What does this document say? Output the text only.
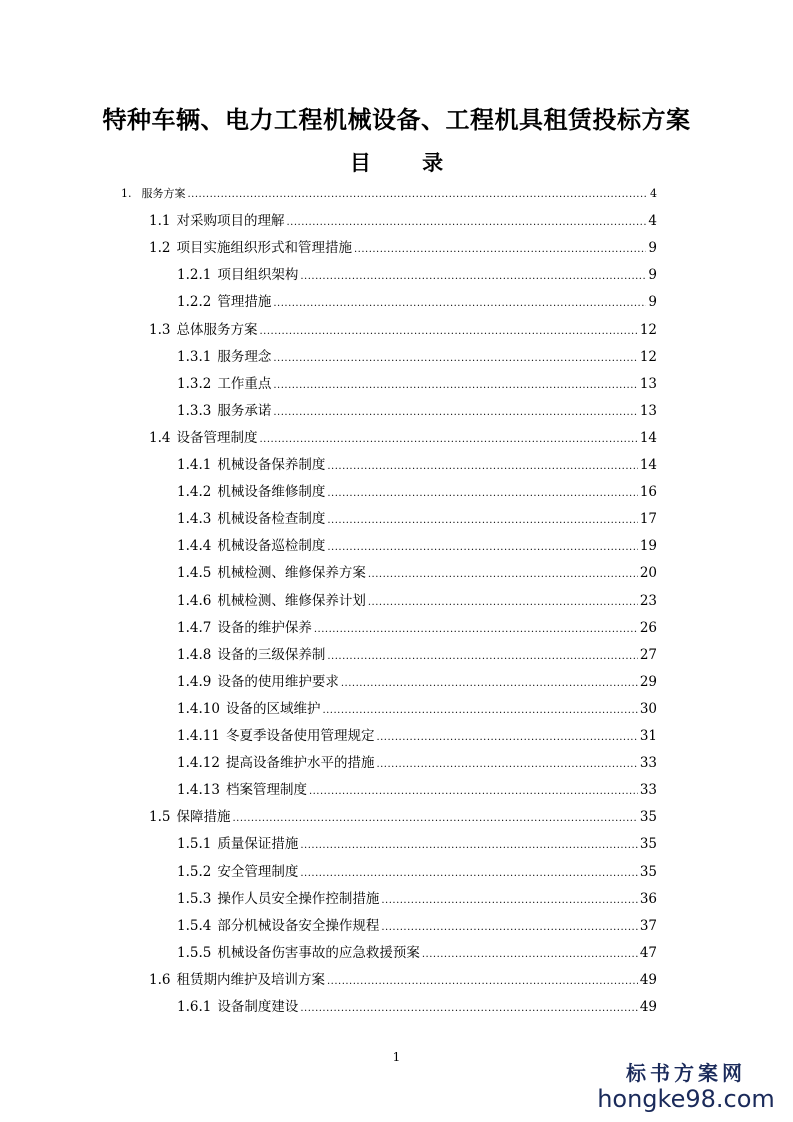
特种车辆、电力工程机械设备、工程机具租赁投标方案
目 录
1. 服务方案 .....	4
1.1 对采购项目的理解 .....	4
1.2 项目实施组织形式和管理措施 .....	9
1.2.1 项目组织架构 .....	9
1.2.2 管理措施 .....	9
1.3 总体服务方案 .....	12
1.3.1 服务理念 .....	12
1.3.2 工作重点 .....	13
1.3.3 服务承诺 .....	13
1.4 设备管理制度 .....	14
1.4.1 机械设备保养制度 .....	14
1.4.2 机械设备维修制度 .....	16
1.4.3 机械设备检查制度 .....	17
1.4.4 机械设备巡检制度 .....	19
1.4.5 机械检测、维修保养方案 .....	20
1.4.6 机械检测、维修保养计划 .....	23
1.4.7 设备的维护保养 .....	26
1.4.8 设备的三级保养制 .....	27
1.4.9 设备的使用维护要求 .....	29
1.4.10 设备的区域维护 .....	30
1.4.11 冬夏季设备使用管理规定 .....	31
1.4.12 提高设备维护水平的措施 .....	33
1.4.13 档案管理制度 .....	33
1.5 保障措施 .....	35
1.5.1 质量保证措施 .....	35
1.5.2 安全管理制度 .....	35
1.5.3 操作人员安全操作控制措施 .....	36
1.5.4 部分机械设备安全操作规程 .....	37
1.5.5 机械设备伤害事故的应急救援预案 .....	47
1.6 租赁期内维护及培训方案 .....	49
1.6.1 设备制度建设 .....	49
1
标书方案网
hongke98.com
